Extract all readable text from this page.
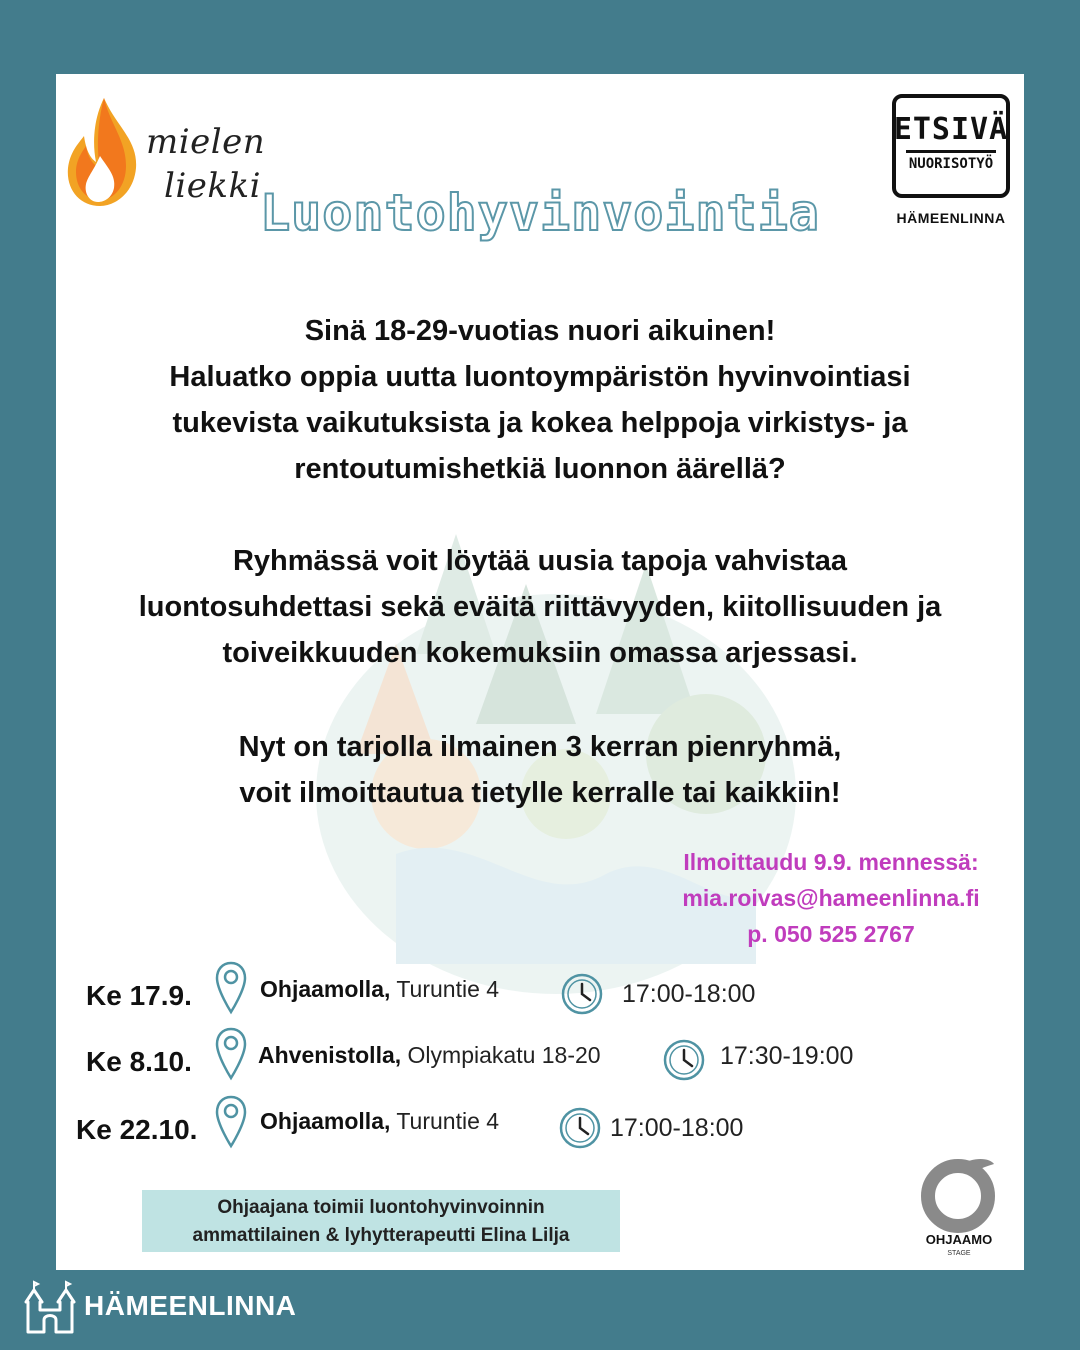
mielen
liekki
ETSIVÄ
NUORISOTYÖ
HÄMEENLINNA
Luontohyvinvointia
Sinä 18-29-vuotias nuori aikuinen!
Haluatko oppia uutta luontoympäristön hyvinvointiasi
tukevista vaikutuksista ja kokea helppoja virkistys- ja
rentoutumishetkiä luonnon äärellä?
Ryhmässä voit löytää uusia tapoja vahvistaa
luontosuhdettasi sekä eväitä riittävyyden, kiitollisuuden ja
toiveikkuuden kokemuksiin omassa arjessasi.
Nyt on tarjolla ilmainen 3 kerran pienryhmä,
voit ilmoittautua tietylle kerralle tai kaikkiin!
Ilmoittaudu 9.9. mennessä:
mia.roivas@hameenlinna.fi
p. 050 525 2767
Ke 17.9.	Ohjaamolla, Turuntie 4	17:00-18:00
Ke 8.10.	Ahvenistolla, Olympiakatu 18-20	17:30-19:00
Ke 22.10.	Ohjaamolla, Turuntie 4	17:00-18:00
Ohjaajana toimii luontohyvinvoinnin
ammattilainen & lyhytterapeutti Elina Lilja	OHJAAMO
STAGE
HÄMEENLINNA
